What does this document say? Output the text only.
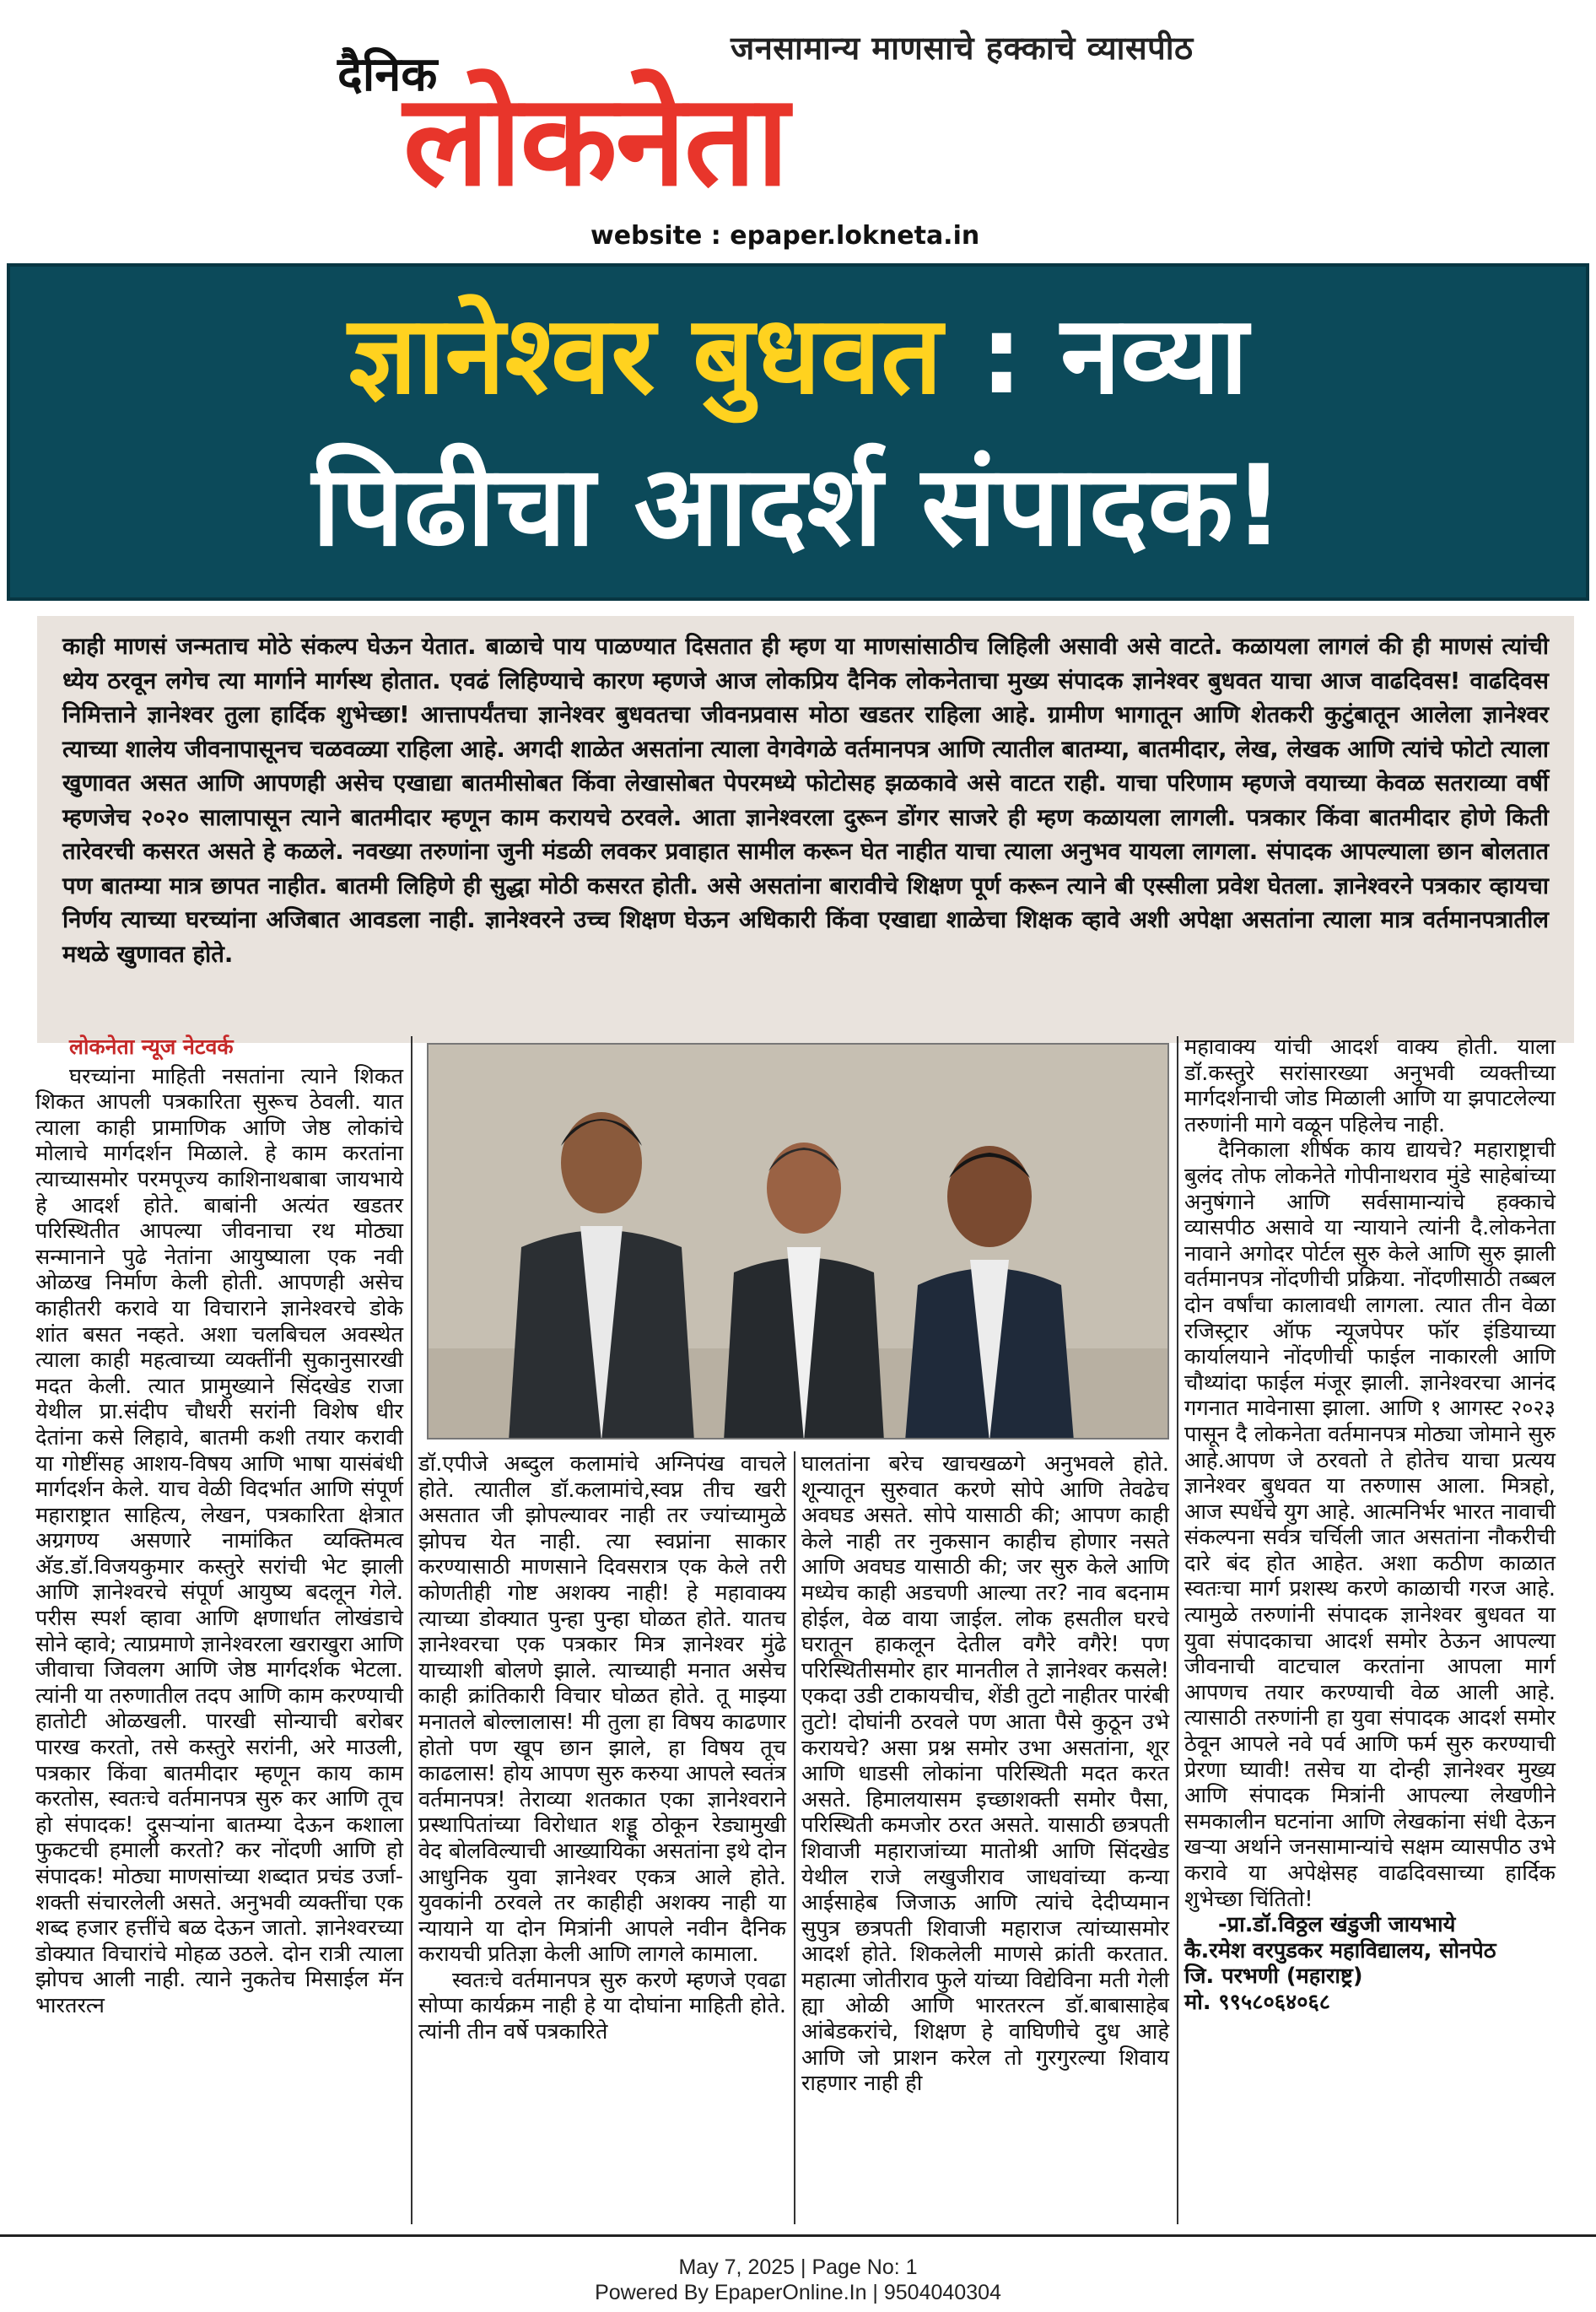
जनसामान्य माणसाचे हक्काचे व्यासपीठ
दैनिक
लोकनेता
website : epaper.lokneta.in
ज्ञानेश्वर बुधवत : नव्या
पिढीचा आदर्श संपादक!

काही माणसं जन्मताच मोठे संकल्प घेऊन येतात. बाळाचे पाय पाळण्यात दिसतात ही म्हण या माणसांसाठीच लिहिली असावी असे वाटते. कळायला लागलं की ही माणसं त्यांची ध्येय ठरवून लगेच त्या मार्गाने मार्गस्थ होतात. एवढं लिहिण्याचे कारण म्हणजे आज लोकप्रिय दैनिक लोकनेताचा मुख्य संपादक ज्ञानेश्वर बुधवत याचा आज वाढदिवस! वाढदिवस निमित्ताने ज्ञानेश्वर तुला हार्दिक शुभेच्छा! आत्तापर्यंतचा ज्ञानेश्वर बुधवतचा जीवनप्रवास मोठा खडतर राहिला आहे. ग्रामीण भागातून आणि शेतकरी कुटुंबातून आलेला ज्ञानेश्वर त्याच्या शालेय जीवनापासूनच चळवळ्या राहिला आहे. अगदी शाळेत असतांना त्याला वेगवेगळे वर्तमानपत्र आणि त्यातील बातम्या, बातमीदार, लेख, लेखक आणि त्यांचे फोटो त्याला खुणावत असत आणि आपणही असेच एखाद्या बातमीसोबत किंवा लेखासोबत पेपरमध्ये फोटोसह झळकावे असे वाटत राही. याचा परिणाम म्हणजे वयाच्या केवळ सतराव्या वर्षी म्हणजेच २०२० सालापासून त्याने बातमीदार म्हणून काम करायचे ठरवले. आता ज्ञानेश्वरला दुरून डोंगर साजरे ही म्हण कळायला लागली. पत्रकार किंवा बातमीदार होणे किती तारेवरची कसरत असते हे कळले. नवख्या तरुणांना जुनी मंडळी लवकर प्रवाहात सामील करून घेत नाहीत याचा त्याला अनुभव यायला लागला. संपादक आपल्याला छान बोलतात पण बातम्या मात्र छापत नाहीत. बातमी लिहिणे ही सुद्धा मोठी कसरत होती. असे असतांना बारावीचे शिक्षण पूर्ण करून त्याने बी एस्सीला प्रवेश घेतला. ज्ञानेश्वरने पत्रकार व्हायचा निर्णय त्याच्या घरच्यांना अजिबात आवडला नाही. ज्ञानेश्वरने उच्च शिक्षण घेऊन अधिकारी किंवा एखाद्या शाळेचा शिक्षक व्हावे अशी अपेक्षा असतांना त्याला मात्र वर्तमानपत्रातील मथळे खुणावत होते.

लोकनेता न्यूज नेटवर्क

घरच्यांना माहिती नसतांना त्याने शिकत शिकत आपली पत्रकारिता सुरूच ठेवली. यात त्याला काही प्रामाणिक आणि जेष्ठ लोकांचे मोलाचे मार्गदर्शन मिळाले. हे काम करतांना त्याच्यासमोर परमपूज्य काशिनाथबाबा जायभाये हे आदर्श होते. बाबांनी अत्यंत खडतर परिस्थितीत आपल्या जीवनाचा रथ मोठ्या सन्मानाने पुढे नेतांना आयुष्याला एक नवी ओळख निर्माण केली होती. आपणही असेच काहीतरी करावे या विचाराने ज्ञानेश्वरचे डोके शांत बसत नव्हते. अशा चलबिचल अवस्थेत त्याला काही महत्वाच्या व्यक्तींनी सुकानुसारखी मदत केली. त्यात प्रामुख्याने सिंदखेड राजा येथील प्रा.संदीप चौधरी सरांनी विशेष धीर देतांना कसे लिहावे, बातमी कशी तयार करावी या गोष्टींसह आशय-विषय आणि भाषा यासंबंधी मार्गदर्शन केले. याच वेळी विदर्भात आणि संपूर्ण महाराष्ट्रात साहित्य, लेखन, पत्रकारिता क्षेत्रात अग्रगण्य असणारे नामांकित व्यक्तिमत्व अ‍ॅड.डॉ.विजयकुमार कस्तुरे सरांची भेट झाली आणि ज्ञानेश्वरचे संपूर्ण आयुष्य बदलून गेले. परीस स्पर्श व्हावा आणि क्षणार्धात लोखंडाचे सोने व्हावे; त्याप्रमाणे ज्ञानेश्वरला खराखुरा आणि जीवाचा जिवलग आणि जेष्ठ मार्गदर्शक भेटला. त्यांनी या तरुणातील तदप आणि काम करण्याची हातोटी ओळखली. पारखी सोन्याची बरोबर पारख करतो, तसे कस्तुरे सरांनी, अरे माउली, पत्रकार किंवा बातमीदार म्हणून काय काम करतोस, स्वतःचे वर्तमानपत्र सुरु कर आणि तूच हो संपादक! दुसऱ्यांना बातम्या देऊन कशाला फुकटची हमाली करतो? कर नोंदणी आणि हो संपादक! मोठ्या माणसांच्या शब्दात प्रचंड उर्जा-शक्ती संचारलेली असते. अनुभवी व्यक्तींचा एक शब्द हजार हत्तींचे बळ देऊन जातो. ज्ञानेश्वरच्या डोक्यात विचारांचे मोहळ उठले. दोन रात्री त्याला झोपच आली नाही. त्याने नुकतेच मिसाईल मॅन भारतरत्न

डॉ.एपीजे अब्दुल कलामांचे अग्निपंख वाचले होते. त्यातील डॉ.कलामांचे,स्वप्न तीच खरी असतात जी झोपल्यावर नाही तर ज्यांच्यामुळे झोपच येत नाही. त्या स्वप्नांना साकार करण्यासाठी माणसाने दिवसरात्र एक केले तरी कोणतीही गोष्ट अशक्य नाही! हे महावाक्य त्याच्या डोक्यात पुन्हा पुन्हा घोळत होते. यातच ज्ञानेश्वरचा एक पत्रकार मित्र ज्ञानेश्वर मुंढे याच्याशी बोलणे झाले. त्याच्याही मनात असेच काही क्रांतिकारी विचार घोळत होते. तू माझ्या मनातले बोल्लालास! मी तुला हा विषय काढणार होतो पण खूप छान झाले, हा विषय तूच काढलास! होय आपण सुरु करुया आपले स्वतंत्र वर्तमानपत्र! तेराव्या शतकात एका ज्ञानेश्वराने प्रस्थापितांच्या विरोधात शड्डू ठोकून रेड्यामुखी वेद बोलविल्याची आख्यायिका असतांना इथे दोन आधुनिक युवा ज्ञानेश्वर एकत्र आले होते. युवकांनी ठरवले तर काहीही अशक्य नाही या न्यायाने या दोन मित्रांनी आपले नवीन दैनिक करायची प्रतिज्ञा केली आणि लागले कामाला.

स्वतःचे वर्तमानपत्र सुरु करणे म्हणजे एवढा सोप्पा कार्यक्रम नाही हे या दोघांना माहिती होते. त्यांनी तीन वर्षे पत्रकारिते

घालतांना बरेच खाचखळगे अनुभवले होते. शून्यातून सुरुवात करणे सोपे आणि तेवढेच अवघड असते. सोपे यासाठी की; आपण काही केले नाही तर नुकसान काहीच होणार नसते आणि अवघड यासाठी की; जर सुरु केले आणि मध्येच काही अडचणी आल्या तर? नाव बदनाम होईल, वेळ वाया जाईल. लोक हसतील घरचे घरातून हाकलून देतील वगैरे वगैरे! पण परिस्थितीसमोर हार मानतील ते ज्ञानेश्वर कसले! एकदा उडी टाकायचीच, शेंडी तुटो नाहीतर पारंबी तुटो! दोघांनी ठरवले पण आता पैसे कुठून उभे करायचे? असा प्रश्न समोर उभा असतांना, शूर आणि धाडसी लोकांना परिस्थिती मदत करत असते. हिमालयासम इच्छाशक्ती समोर पैसा, परिस्थिती कमजोर ठरत असते. यासाठी छत्रपती शिवाजी महाराजांच्या मातोश्री आणि सिंदखेड येथील राजे लखुजीराव जाधवांच्या कन्या आईसाहेब जिजाऊ आणि त्यांचे देदीप्यमान सुपुत्र छत्रपती शिवाजी महाराज त्यांच्यासमोर आदर्श होते. शिकलेली माणसे क्रांती करतात. महात्मा जोतीराव फुले यांच्या विद्येविना मती गेली ह्या ओळी आणि भारतरत्न डॉ.बाबासाहेब आंबेडकरांचे, शिक्षण हे वाघिणीचे दुध आहे आणि जो प्राशन करेल तो गुरगुरल्या शिवाय राहणार नाही ही

महावाक्य यांची आदर्श वाक्य होती. याला डॉ.कस्तुरे सरांसारख्या अनुभवी व्यक्तीच्या मार्गदर्शनाची जोड मिळाली आणि या झपाटलेल्या तरुणांनी मागे वळून पहिलेच नाही.

दैनिकाला शीर्षक काय द्यायचे? महाराष्ट्राची बुलंद तोफ लोकनेते गोपीनाथराव मुंडे साहेबांच्या अनुषंगाने आणि सर्वसामान्यांचे हक्काचे व्यासपीठ असावे या न्यायाने त्यांनी दै.लोकनेता नावाने अगोदर पोर्टल सुरु केले आणि सुरु झाली वर्तमानपत्र नोंदणीची प्रक्रिया. नोंदणीसाठी तब्बल दोन वर्षांचा कालावधी लागला. त्यात तीन वेळा रजिस्ट्रार ऑफ न्यूजपेपर फॉर इंडियाच्या कार्यालयाने नोंदणीची फाईल नाकारली आणि चौथ्यांदा फाईल मंजूर झाली. ज्ञानेश्वरचा आनंद गगनात मावेनासा झाला. आणि १ आगस्ट २०२३ पासून दै लोकनेता वर्तमानपत्र मोठ्या जोमाने सुरु आहे.आपण जे ठरवतो ते होतेच याचा प्रत्यय ज्ञानेश्वर बुधवत या तरुणास आला. मित्रहो, आज स्पर्धेचे युग आहे. आत्मनिर्भर भारत नावाची संकल्पना सर्वत्र चर्चिली जात असतांना नौकरीची दारे बंद होत आहेत. अशा कठीण काळात स्वतःचा मार्ग प्रशस्थ करणे काळाची गरज आहे. त्यामुळे तरुणांनी संपादक ज्ञानेश्वर बुधवत या युवा संपादकाचा आदर्श समोर ठेऊन आपल्या जीवनाची वाटचाल करतांना आपला मार्ग आपणच तयार करण्याची वेळ आली आहे. त्यासाठी तरुणांनी हा युवा संपादक आदर्श समोर ठेवून आपले नवे पर्व आणि फर्म सुरु करण्याची प्रेरणा घ्यावी! तसेच या दोन्ही ज्ञानेश्वर मुख्य आणि संपादक मित्रांनी आपल्या लेखणीने समकालीन घटनांना आणि लेखकांना संधी देऊन खऱ्या अर्थाने जनसामान्यांचे सक्षम व्यासपीठ उभे करावे या अपेक्षेसह वाढदिवसाच्या हार्दिक शुभेच्छा चिंतितो!

-प्रा.डॉ.विठ्ठल खंडुजी जायभाये

कै.रमेश वरपुडकर महाविद्यालय, सोनपेठ

जि. परभणी (महाराष्ट्र)

मो. ९९५८०६४०६८

May 7, 2025 | Page No: 1
Powered By EpaperOnline.In | 9504040304
